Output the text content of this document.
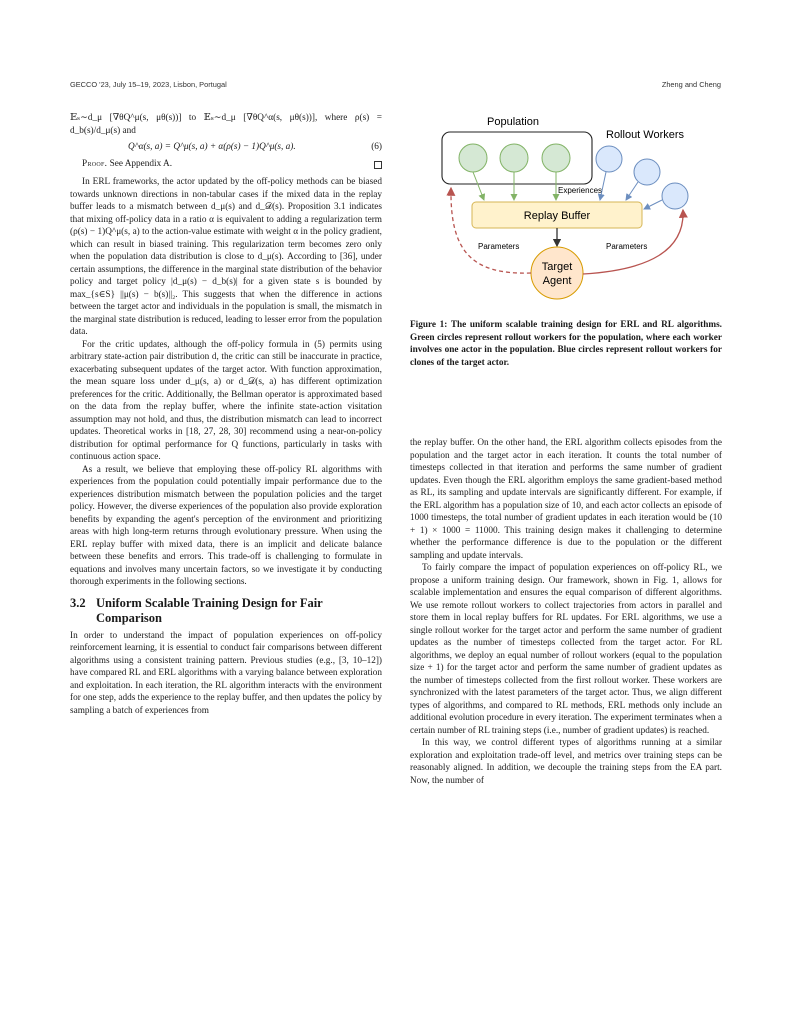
GECCO '23, July 15–19, 2023, Lisbon, Portugal	Zheng and Cheng

𝔼ₛ∼d_μ [∇θQ^μ(s, μθ(s))] to 𝔼ₛ∼d_μ [∇θQ^α(s, μθ(s))], where ρ(s) = d_b(s)/d_μ(s) and

Q^α(s, a) = Q^μ(s, a) + α(ρ(s) − 1)Q^μ(s, a).	(6)
Proof. See Appendix A.

In ERL frameworks, the actor updated by the off-policy methods can be biased towards unknown directions in non-tabular cases if the mixed data in the replay buffer leads to a mismatch between d_μ(s) and d_𝒟(s). Proposition 3.1 indicates that mixing off-policy data in a ratio α is equivalent to adding a regularization term (ρ(s) − 1)Q^μ(s, a) to the action-value estimate with weight α in the policy gradient, which can result in biased training. This regularization term becomes zero only when the population data distribution is close to d_μ(s). According to [36], under certain assumptions, the difference in the marginal state distribution of the behavior policy and target policy |d_μ(s) − d_b(s)| for a given state s is bounded by max_{s∈S} ||μ(s) − b(s)||₂. This suggests that when the difference in actions between the target actor and individuals in the population is small, the mismatch in the marginal state distribution is reduced, leading to lesser error from the population data.

For the critic updates, although the off-policy formula in (5) permits using arbitrary state-action pair distribution d, the critic can still be inaccurate in practice, exacerbating subsequent updates of the target actor. With function approximation, the mean square loss under d_μ(s, a) or d_𝒟(s, a) has different optimization preferences for the critic. Additionally, the Bellman operator is approximated based on the data from the replay buffer, where the infinite state-action visitation assumption may not hold, and thus, the distribution mismatch can lead to incorrect updates. Theoretical works in [18, 27, 28, 30] recommend using a near-on-policy distribution for optimal performance for Q functions, particularly in tasks with continuous action space.

As a result, we believe that employing these off-policy RL algorithms with experiences from the population could potentially impair performance due to the experiences distribution mismatch between the population policies and the target policy. However, the diverse experiences of the population also provide exploration benefits by expanding the agent's perception of the environment and prioritizing areas with high long-term returns through evolutionary pressure. When using the ERL replay buffer with mixed data, there is an implicit and delicate balance between these benefits and errors. This trade-off is challenging to formulate in equations and involves many uncertain factors, so we investigate it by conducting thorough experiments in the following sections.

3.2 Uniform Scalable Training Design for Fair
Comparison

In order to understand the impact of population experiences on off-policy reinforcement learning, it is essential to conduct fair comparisons between different algorithms using a consistent training pattern. Previous studies (e.g., [3, 10–12]) have compared RL and ERL algorithms with a varying balance between exploration and exploitation. In each iteration, the RL algorithm interacts with the environment for one step, adds the experience to the replay buffer, and then updates the policy by sampling a batch of experiences from

Population
Rollout Workers
Replay Buffer
Experiences
Target
Agent
Parameters	Parameters
Figure 1: The uniform scalable training design for ERL and RL algorithms. Green circles represent rollout workers for the population, where each worker involves one actor in the population. Blue circles represent rollout workers for clones of the target actor.

the replay buffer. On the other hand, the ERL algorithm collects episodes from the population and the target actor in each iteration. It counts the total number of timesteps collected in that iteration and performs the same number of gradient updates. Even though the ERL algorithm employs the same gradient-based method as RL, its sampling and update intervals are significantly different. For example, if the ERL algorithm has a population size of 10, and each actor collects an episode of 1000 timesteps, the total number of gradient updates in each iteration would be (10 + 1) × 1000 = 11000. This training design makes it challenging to determine whether the performance difference is due to the population or the different sampling and update intervals.

To fairly compare the impact of population experiences on off-policy RL, we propose a uniform training design. Our framework, shown in Fig. 1, allows for scalable implementation and ensures the equal comparison of different algorithms. We use remote rollout workers to collect trajectories from actors in parallel and store them in local replay buffers for RL updates. For ERL algorithms, we use a single rollout worker for the target actor and perform the same number of gradient updates as the number of timesteps collected from the target actor. For RL algorithms, we deploy an equal number of rollout workers (equal to the population size + 1) for the target actor and perform the same number of gradient updates as the number of timesteps collected from the first rollout worker. These workers are synchronized with the latest parameters of the target actor. Thus, we align different types of algorithms, and compared to RL methods, ERL methods only include an additional evolution procedure in every iteration. The experiment terminates when a certain number of RL training steps (i.e., number of gradient updates) is reached.

In this way, we control different types of algorithms running at a similar exploration and exploitation trade-off level, and metrics over training steps can be reasonably aligned. In addition, we decouple the training steps from the EA part. Now, the number of
